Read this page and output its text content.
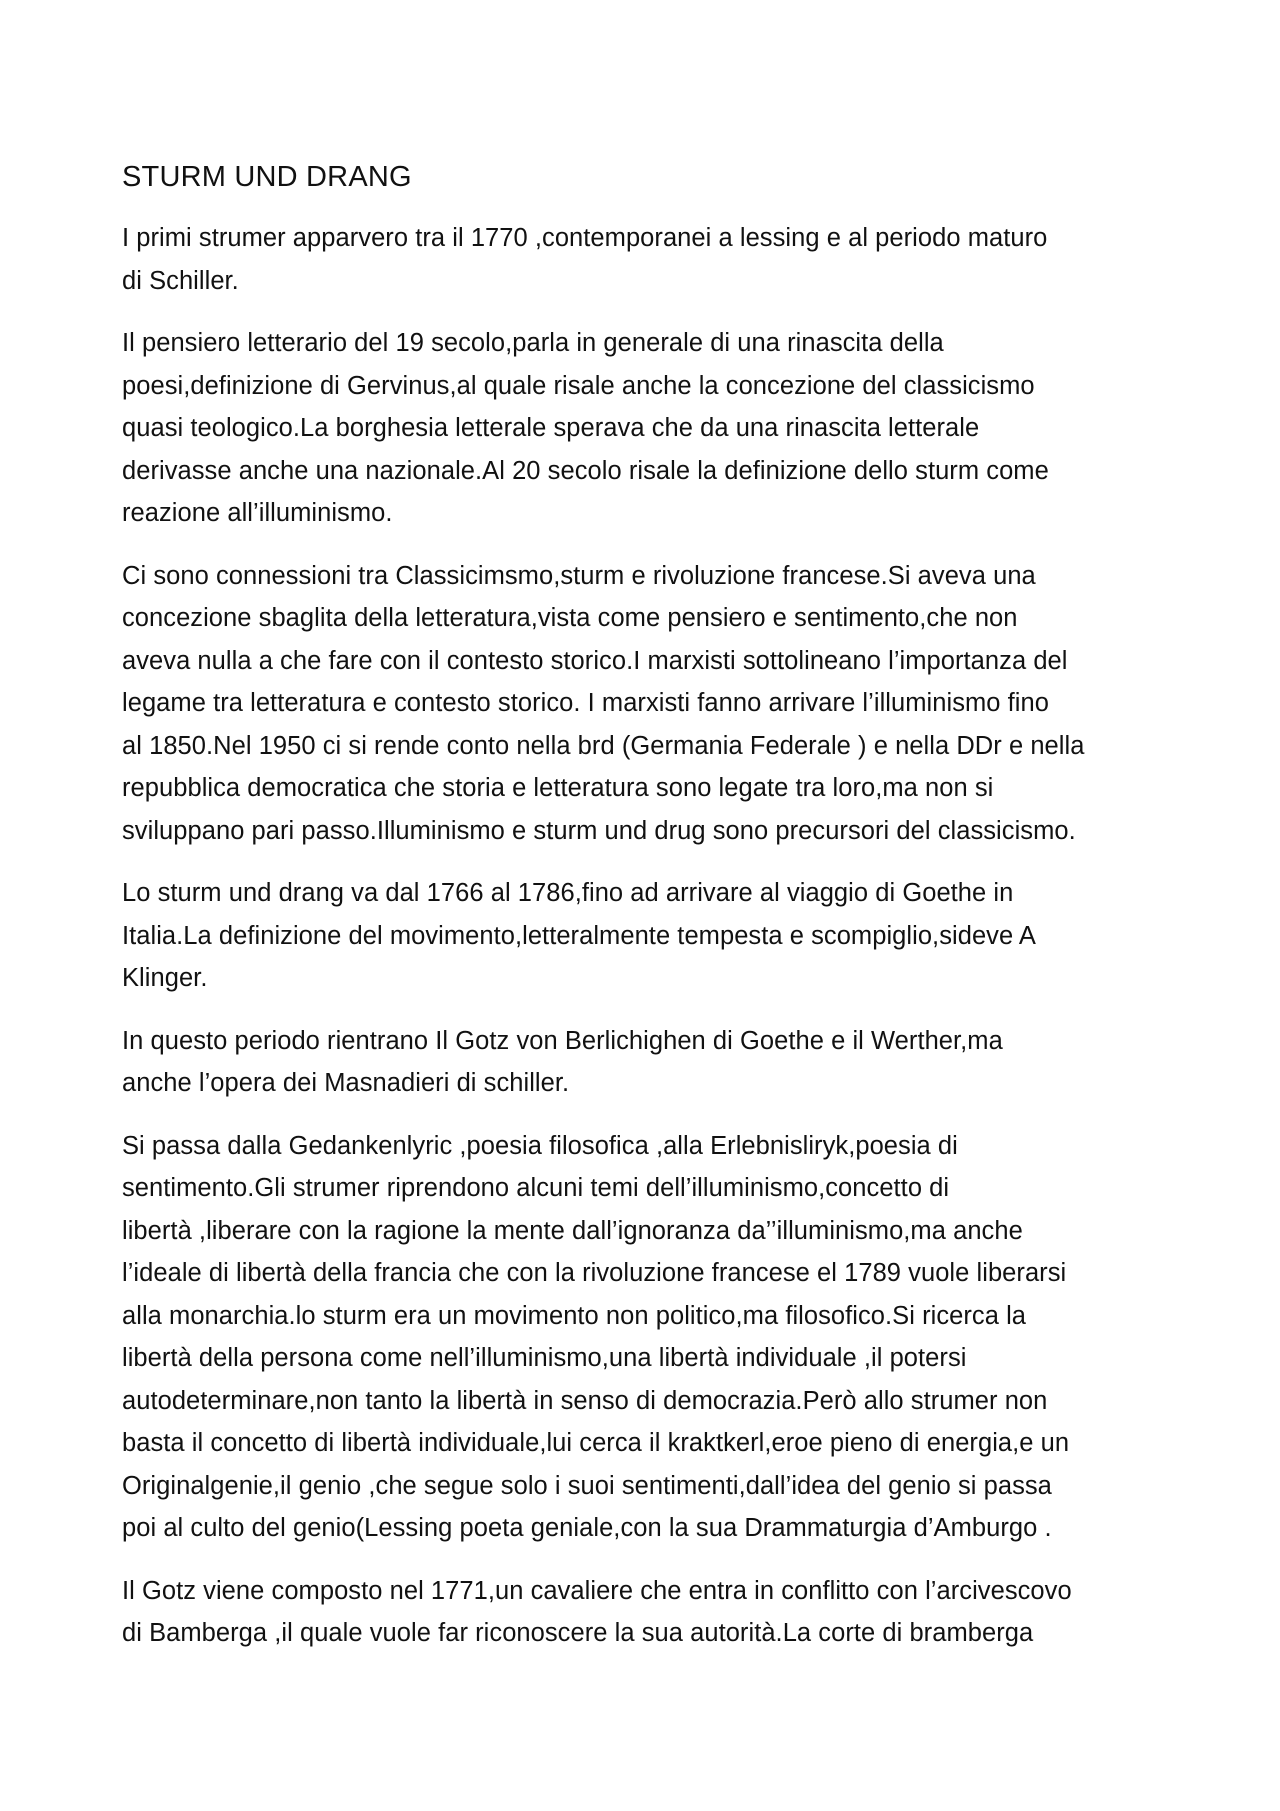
STURM UND DRANG

I primi strumer apparvero tra il 1770 ,contemporanei a lessing e al periodo maturo
di Schiller.

Il pensiero letterario del 19 secolo,parla in generale di una rinascita della
poesi,definizione di Gervinus,al quale risale anche la concezione del classicismo
quasi teologico.La borghesia letterale sperava che da una rinascita letterale
derivasse anche una nazionale.Al 20 secolo risale la definizione dello sturm come
reazione all’illuminismo.

Ci sono connessioni tra Classicimsmo,sturm e rivoluzione francese.Si aveva una
concezione sbaglita della letteratura,vista come pensiero e sentimento,che non
aveva nulla a che fare con il contesto storico.I marxisti sottolineano l’importanza del
legame tra letteratura e contesto storico. I marxisti fanno arrivare l’illuminismo fino
al 1850.Nel 1950 ci si rende conto nella brd (Germania Federale ) e nella DDr e nella
repubblica democratica che storia e letteratura sono legate tra loro,ma non si
sviluppano pari passo.Illuminismo e sturm und drug sono precursori del classicismo.

Lo sturm und drang va dal 1766 al 1786,fino ad arrivare al viaggio di Goethe in
Italia.La definizione del movimento,letteralmente tempesta e scompiglio,sideve A
Klinger.

In questo periodo rientrano Il Gotz von Berlichighen di Goethe e il Werther,ma
anche l’opera dei Masnadieri di schiller.

Si passa dalla Gedankenlyric ,poesia filosofica ,alla Erlebnisliryk,poesia di
sentimento.Gli strumer riprendono alcuni temi dell’illuminismo,concetto di
libertà ,liberare con la ragione la mente dall’ignoranza da’’illuminismo,ma anche
l’ideale di libertà della francia che con la rivoluzione francese el 1789 vuole liberarsi
alla monarchia.lo sturm era un movimento non politico,ma filosofico.Si ricerca la
libertà della persona come nell’illuminismo,una libertà individuale ,il potersi
autodeterminare,non tanto la libertà in senso di democrazia.Però allo strumer non
basta il concetto di libertà individuale,lui cerca il kraktkerl,eroe pieno di energia,e un
Originalgenie,il genio ,che segue solo i suoi sentimenti,dall’idea del genio si passa
poi al culto del genio(Lessing poeta geniale,con la sua Drammaturgia d’Amburgo .

Il Gotz viene composto nel 1771,un cavaliere che entra in conflitto con l’arcivescovo
di Bamberga ,il quale vuole far riconoscere la sua autorità.La corte di bramberga
